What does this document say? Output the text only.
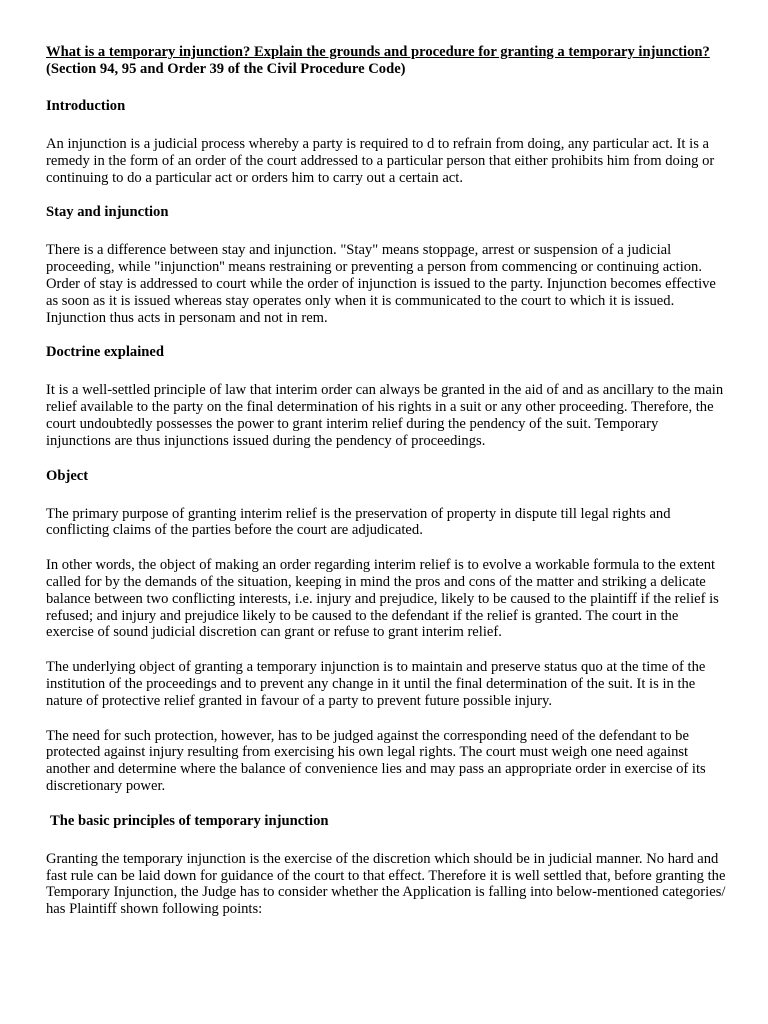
What is a temporary injunction? Explain the grounds and procedure for granting a temporary injunction?(Section 94, 95 and Order 39 of the Civil Procedure Code)
Introduction

An injunction is a judicial process whereby a party is required to d to refrain from doing, any particular act. It is a remedy in the form of an order of the court addressed to a particular person that either prohibits him from doing or continuing to do a particular act or orders him to carry out a certain act.

Stay and injunction

There is a difference between stay and injunction. "Stay" means stoppage, arrest or suspension of a judicial proceeding, while "injunction'' means restraining or preventing a person from commencing or continuing action. Order of stay is addressed to court while the order of injunction is issued to the party. Injunction becomes effective as soon as it is issued whereas stay operates only when it is communicated to the court to which it is issued. Injunction thus acts in personam and not in rem.

Doctrine explained

It is a well-settled principle of law that interim order can always be granted in the aid of and as ancillary to the main relief available to the party on the final determination of his rights in a suit or any other proceeding. Therefore, the court undoubtedly possesses the power to grant interim relief during the pendency of the suit. Temporary injunctions are thus injunctions issued during the pendency of proceedings.

Object

The primary purpose of granting interim relief is the preservation of property in dispute till legal rights and conflicting claims of the parties before the court are adjudicated.

In other words, the object of making an order regarding interim relief is to evolve a workable formula to the extent called for by the demands of the situation, keeping in mind the pros and cons of the matter and striking a delicate balance between two conflicting interests, i.e. injury and prejudice, likely to be caused to the plaintiff if the relief is refused; and injury and prejudice likely to be caused to the defendant if the relief is granted. The court in the exercise of sound judicial discretion can grant or refuse to grant interim relief.

The underlying object of granting a temporary injunction is to maintain and preserve status quo at the time of the institution of the proceedings and to prevent any change in it until the final determination of the suit. It is in the nature of protective relief granted in favour of a party to prevent future possible injury.

The need for such protection, however, has to be judged against the corresponding need of the defendant to be protected against injury resulting from exercising his own legal rights. The court must weigh one need against another and determine where the balance of convenience lies and may pass an appropriate order in exercise of its discretionary power.

The basic principles of temporary injunction

Granting the temporary injunction is the exercise of the discretion which should be in judicial manner. No hard and fast rule can be laid down for guidance of the court to that effect. Therefore it is well settled that, before granting the Temporary Injunction, the Judge has to consider whether the Application is falling into below-mentioned categories/ has Plaintiff shown following points:
